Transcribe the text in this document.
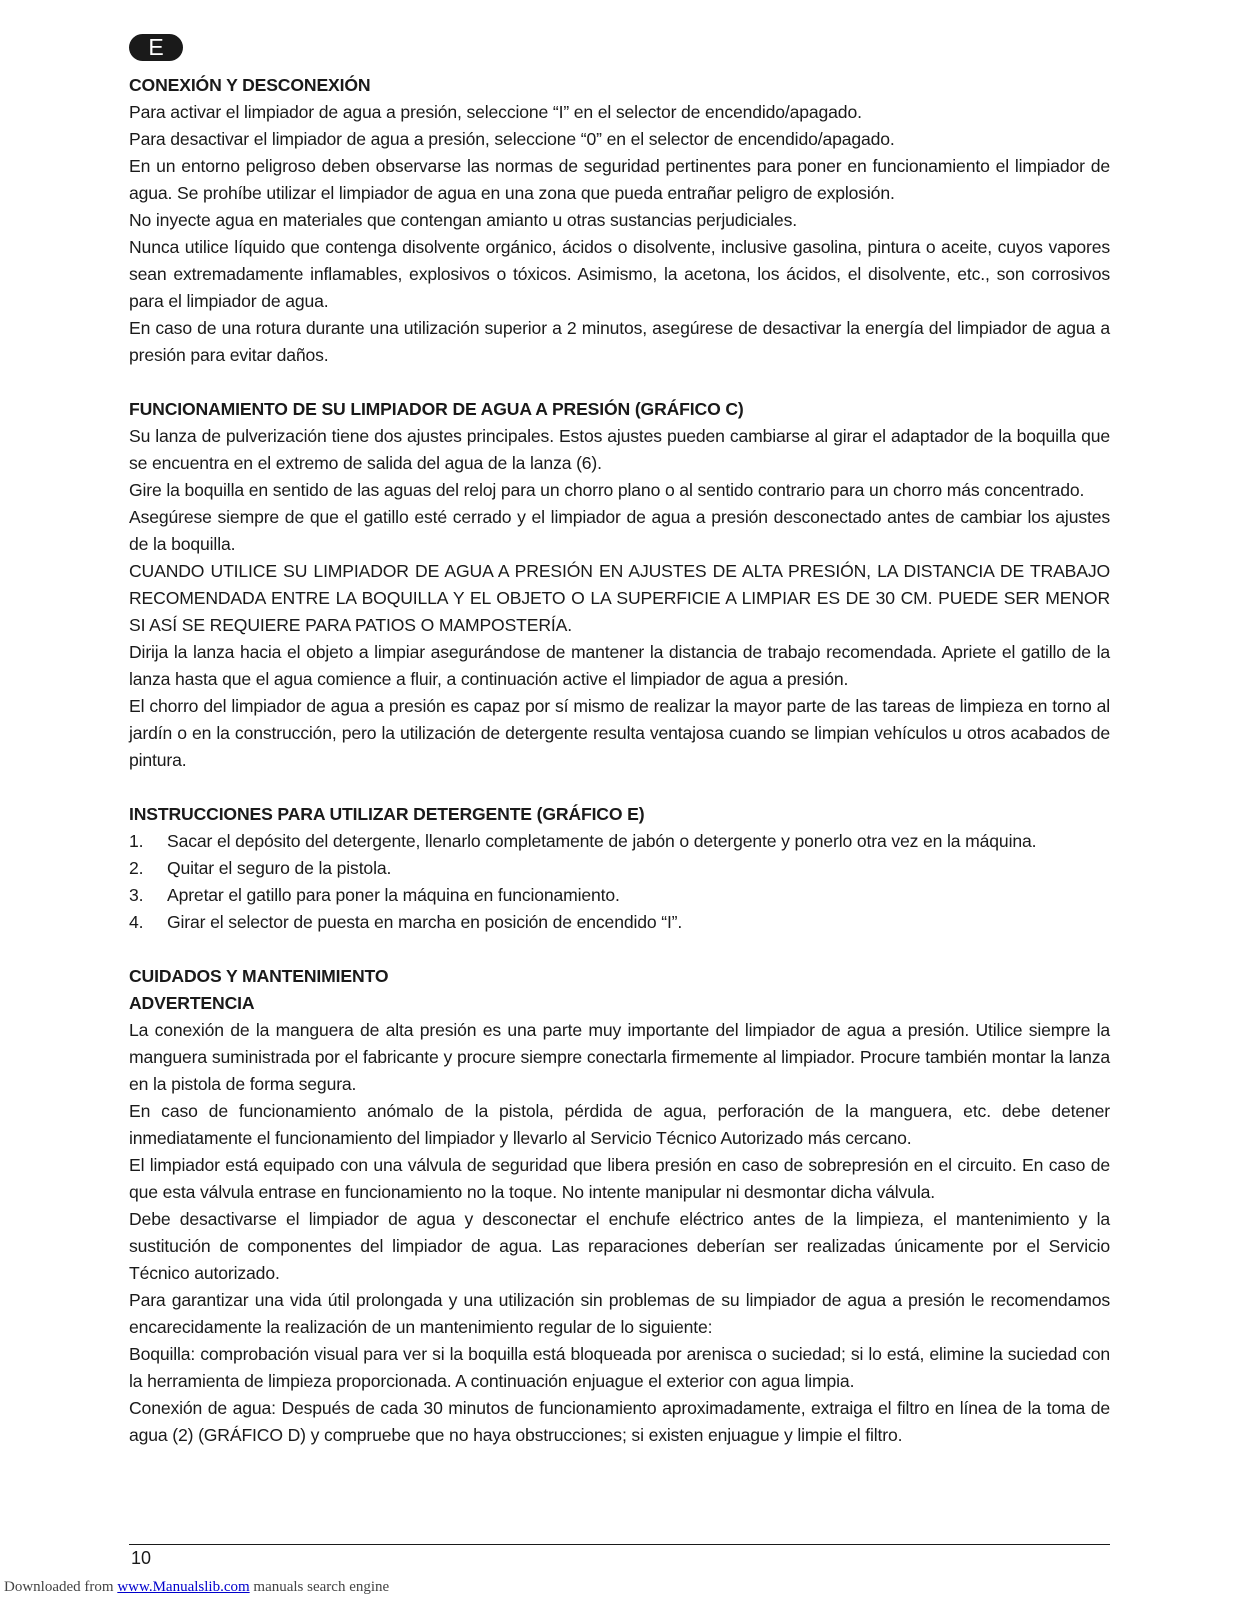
E
CONEXIÓN Y DESCONEXIÓN

Para activar el limpiador de agua a presión, seleccione “I” en el selector de encendido/apagado.

Para desactivar el limpiador de agua a presión, seleccione “0” en el selector de encendido/apagado.

En un entorno peligroso deben observarse las normas de seguridad pertinentes para poner en funcionamiento el limpiador de agua. Se prohíbe utilizar el limpiador de agua en una zona que pueda entrañar peligro de explosión.

No inyecte agua en materiales que contengan amianto u otras sustancias perjudiciales.

Nunca utilice líquido que contenga disolvente orgánico, ácidos o disolvente, inclusive gasolina, pintura o aceite, cuyos vapores sean extremadamente inflamables, explosivos o tóxicos. Asimismo, la acetona, los ácidos, el disolvente, etc., son corrosivos para el limpiador de agua.

En caso de una rotura durante una utilización superior a 2 minutos, asegúrese de desactivar la energía del limpiador de agua a presión para evitar daños.

FUNCIONAMIENTO DE SU LIMPIADOR DE AGUA A PRESIÓN (GRÁFICO C)

Su lanza de pulverización tiene dos ajustes principales. Estos ajustes pueden cambiarse al girar el adaptador de la boquilla que se encuentra en el extremo de salida del agua de la lanza (6).

Gire la boquilla en sentido de las aguas del reloj para un chorro plano o al sentido contrario para un chorro más concentrado.

Asegúrese siempre de que el gatillo esté cerrado y el limpiador de agua a presión desconectado antes de cambiar los ajustes de la boquilla.

CUANDO UTILICE SU LIMPIADOR DE AGUA A PRESIÓN EN AJUSTES DE ALTA PRESIÓN, LA DISTANCIA DE TRABAJO RECOMENDADA ENTRE LA BOQUILLA Y EL OBJETO O LA SUPERFICIE A LIMPIAR ES DE 30 CM. PUEDE SER MENOR SI ASÍ SE REQUIERE PARA PATIOS O MAMPOSTERÍA.

Dirija la lanza hacia el objeto a limpiar asegurándose de mantener la distancia de trabajo recomendada. Apriete el gatillo de la lanza hasta que el agua comience a fluir, a continuación active el limpiador de agua a presión.

El chorro del limpiador de agua a presión es capaz por sí mismo de realizar la mayor parte de las tareas de limpieza en torno al jardín o en la construcción, pero la utilización de detergente resulta ventajosa cuando se limpian vehículos u otros acabados de pintura.

INSTRUCCIONES PARA UTILIZAR DETERGENTE (GRÁFICO E)
1.	Sacar el depósito del detergente, llenarlo completamente de jabón o detergente y ponerlo otra vez en la máquina.
2.	Quitar el seguro de la pistola.
3.	Apretar el gatillo para poner la máquina en funcionamiento.
4.	Girar el selector de puesta en marcha en posición de encendido “I”.
CUIDADOS Y MANTENIMIENTO
ADVERTENCIA

La conexión de la manguera de alta presión es una parte muy importante del limpiador de agua a presión. Utilice siempre la manguera suministrada por el fabricante y procure siempre conectarla firmemente al limpiador. Procure también montar la lanza en la pistola de forma segura.

En caso de funcionamiento anómalo de la pistola, pérdida de agua, perforación de la manguera, etc. debe detener inmediatamente el funcionamiento del limpiador y llevarlo al Servicio Técnico Autorizado más cercano.

El limpiador está equipado con una válvula de seguridad que libera presión en caso de sobrepresión en el circuito. En caso de que esta válvula entrase en funcionamiento no la toque. No intente manipular ni desmontar dicha válvula.

Debe desactivarse el limpiador de agua y desconectar el enchufe eléctrico antes de la limpieza, el mantenimiento y la sustitución de componentes del limpiador de agua. Las reparaciones deberían ser realizadas únicamente por el Servicio Técnico autorizado.

Para garantizar una vida útil prolongada y una utilización sin problemas de su limpiador de agua a presión le recomendamos encarecidamente la realización de un mantenimiento regular de lo siguiente:

Boquilla: comprobación visual para ver si la boquilla está bloqueada por arenisca o suciedad; si lo está, elimine la suciedad con la herramienta de limpieza proporcionada. A continuación enjuague el exterior con agua limpia.

Conexión de agua: Después de cada 30 minutos de funcionamiento aproximadamente, extraiga el filtro en línea de la toma de agua (2) (GRÁFICO D) y compruebe que no haya obstrucciones; si existen enjuague y limpie el filtro.

10
Downloaded from www.Manualslib.com manuals search engine
